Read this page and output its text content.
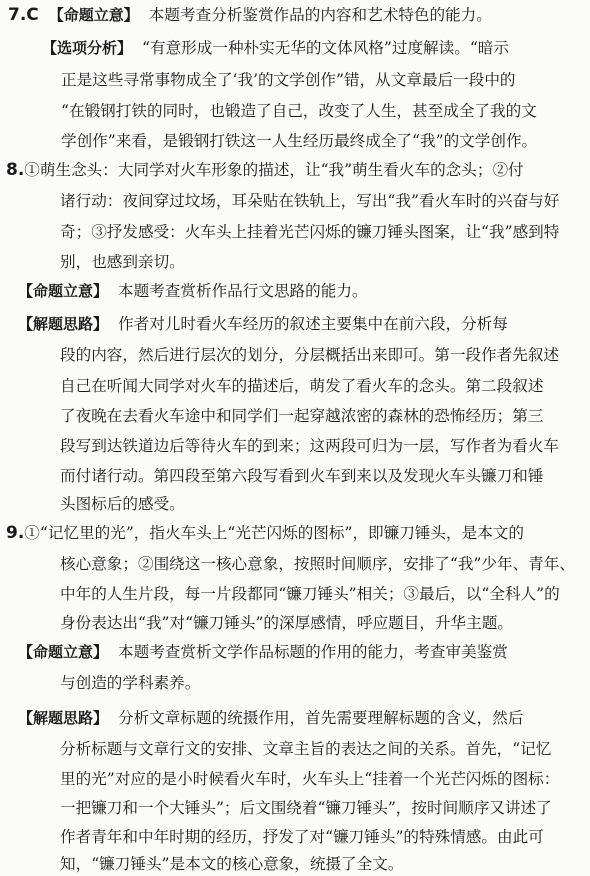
7.C 【命题立意】 本题考查分析鉴赏作品的内容和艺术特色的能力。
【选项分析】 “有意形成一种朴实无华的文体风格”过度解读。“暗示
正是这些寻常事物成全了‘我’的文学创作”错，从文章最后一段中的
“在锻钢打铁的同时，也锻造了自己，改变了人生，甚至成全了我的文
学创作”来看，是锻钢打铁这一人生经历最终成全了“我”的文学创作。
8.①萌生念头：大同学对火车形象的描述，让“我”萌生看火车的念头；②付
诸行动：夜间穿过坟场，耳朵贴在铁轨上，写出“我”看火车时的兴奋与好
奇；③抒发感受：火车头上挂着光芒闪烁的镰刀锤头图案，让“我”感到特
别，也感到亲切。
【命题立意】 本题考查赏析作品行文思路的能力。
【解题思路】 作者对儿时看火车经历的叙述主要集中在前六段，分析每
段的内容，然后进行层次的划分，分层概括出来即可。第一段作者先叙述
自己在听闻大同学对火车的描述后，萌发了看火车的念头。第二段叙述
了夜晚在去看火车途中和同学们一起穿越浓密的森林的恐怖经历；第三
段写到达铁道边后等待火车的到来；这两段可归为一层，写作者为看火车
而付诸行动。第四段至第六段写看到火车到来以及发现火车头镰刀和锤
头图标后的感受。
9.①“记忆里的光”，指火车头上“光芒闪烁的图标”，即镰刀锤头，是本文的
核心意象；②围绕这一核心意象，按照时间顺序，安排了“我”少年、青年、
中年的人生片段，每一片段都同“镰刀锤头”相关；③最后，以“全科人”的
身份表达出“我”对“镰刀锤头”的深厚感情，呼应题目，升华主题。
【命题立意】 本题考查赏析文学作品标题的作用的能力，考查审美鉴赏
与创造的学科素养。
【解题思路】 分析文章标题的统摄作用，首先需要理解标题的含义，然后
分析标题与文章行文的安排、文章主旨的表达之间的关系。首先，“记忆
里的光”对应的是小时候看火车时，火车头上“挂着一个光芒闪烁的图标：
一把镰刀和一个大锤头”；后文围绕着“镰刀锤头”，按时间顺序又讲述了
作者青年和中年时期的经历，抒发了对“镰刀锤头”的特殊情感。由此可
知，“镰刀锤头”是本文的核心意象，统摄了全文。
